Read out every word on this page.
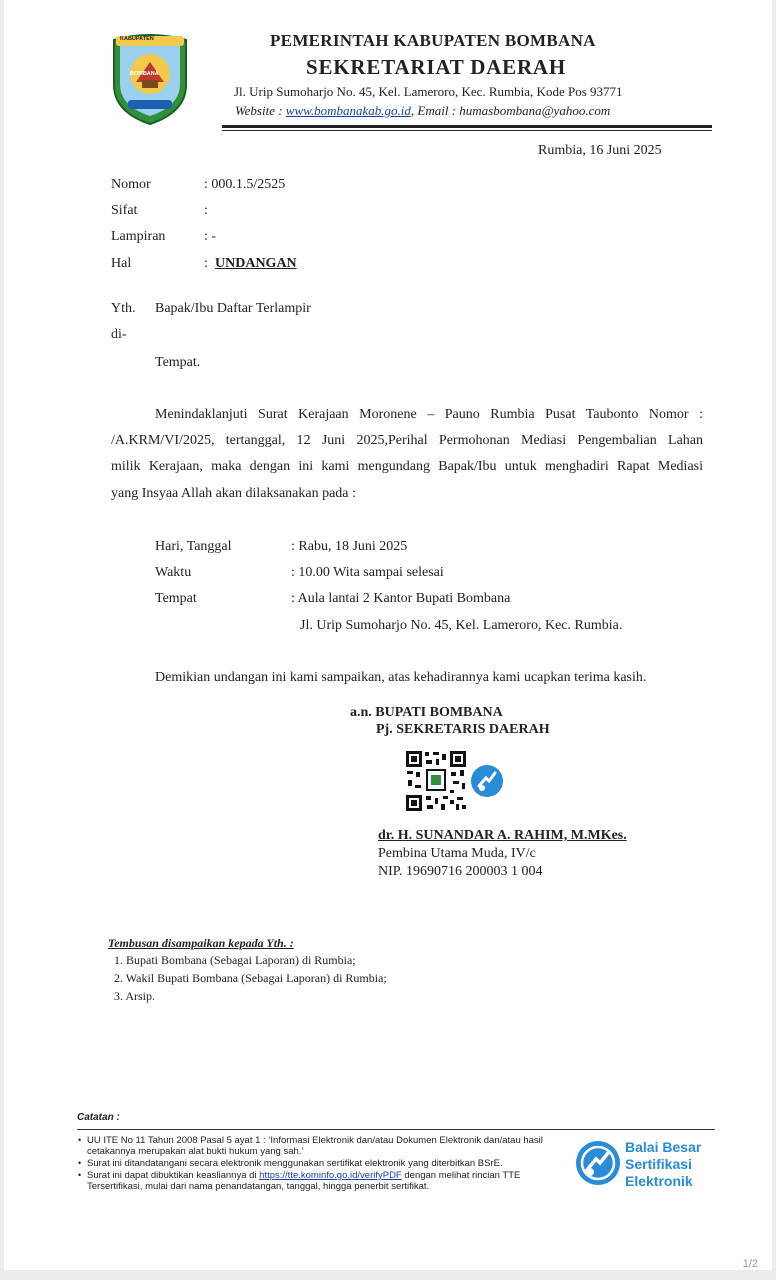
KABUPATEN
BOMBANA
PEMERINTAH KABUPATEN BOMBANA
SEKRETARIAT DAERAH
Jl. Urip Sumoharjo No. 45, Kel. Lameroro, Kec. Rumbia, Kode Pos 93771
Website : www.bombanakab.go.id, Email : humasbombana@yahoo.com
Rumbia, 16 Juni 2025
Nomor	: 000.1.5/2525
Sifat	:
Lampiran	: -
Hal	: UNDANGAN
Yth. Bapak/Ibu Daftar Terlampir
di-
Tempat.
Menindaklanjuti Surat Kerajaan Moronene – Pauno Rumbia Pusat Taubonto Nomor :
/A.KRM/VI/2025, tertanggal, 12 Juni 2025,Perihal Permohonan Mediasi Pengembalian Lahan
milik Kerajaan, maka dengan ini kami mengundang Bapak/Ibu untuk menghadiri Rapat Mediasi
yang Insyaa Allah akan dilaksanakan pada :
Hari, Tanggal	: Rabu, 18 Juni 2025
Waktu	: 10.00 Wita sampai selesai
Tempat	: Aula lantai 2 Kantor Bupati Bombana
Jl. Urip Sumoharjo No. 45, Kel. Lameroro, Kec. Rumbia.
Demikian undangan ini kami sampaikan, atas kehadirannya kami ucapkan terima kasih.
a.n. BUPATI BOMBANA
Pj. SEKRETARIS DAERAH
dr. H. SUNANDAR A. RAHIM, M.MKes.
Pembina Utama Muda, IV/c
NIP. 19690716 200003 1 004
Tembusan disampaikan kepada Yth. :
1. Bupati Bombana (Sebagai Laporan) di Rumbia;
2. Wakil Bupati Bombana (Sebagai Laporan) di Rumbia;
3. Arsip.
Catatan :
• UU ITE No 11 Tahun 2008 Pasal 5 ayat 1 : ‘Informasi Elektronik dan/atau Dokumen Elektronik dan/atau hasil
cetakannya merupakan alat bukti hukum yang sah.’
• Surat ini ditandatangani secara elektronik menggunakan sertifikat elektronik yang diterbitkan BSrE.
• Surat ini dapat dibuktikan keasliannya di https://tte.kominfo.go.id/verifyPDF dengan melihat rincian TTE
Tersertifikasi, mulai dari nama penandatangan, tanggal, hingga penerbit sertifikat.
Balai Besar
Sertifikasi
Elektronik
1/2
